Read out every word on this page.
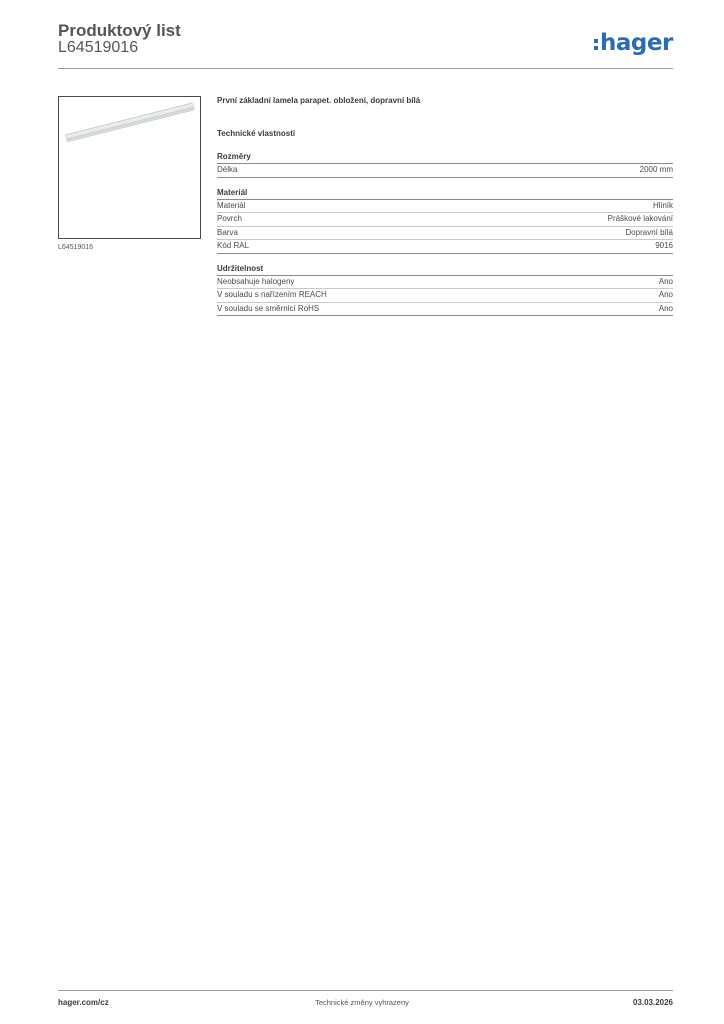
Produktový list
L64519016	hager
L64519016
První základní lamela parapet. obložení, dopravní bílá
Technické vlastnosti
Rozměry
Délka	2000 mm
Materiál
Materiál	Hliník
Povrch	Práškové lakování
Barva	Dopravní bílá
Kód RAL	9016
Udržitelnost
Neobsahuje halogeny	Ano
V souladu s nařízením REACH	Ano
V souladu se směrnicí RoHS	Ano
hager.com/cz	Technické změny vyhrazeny	03.03.2026
